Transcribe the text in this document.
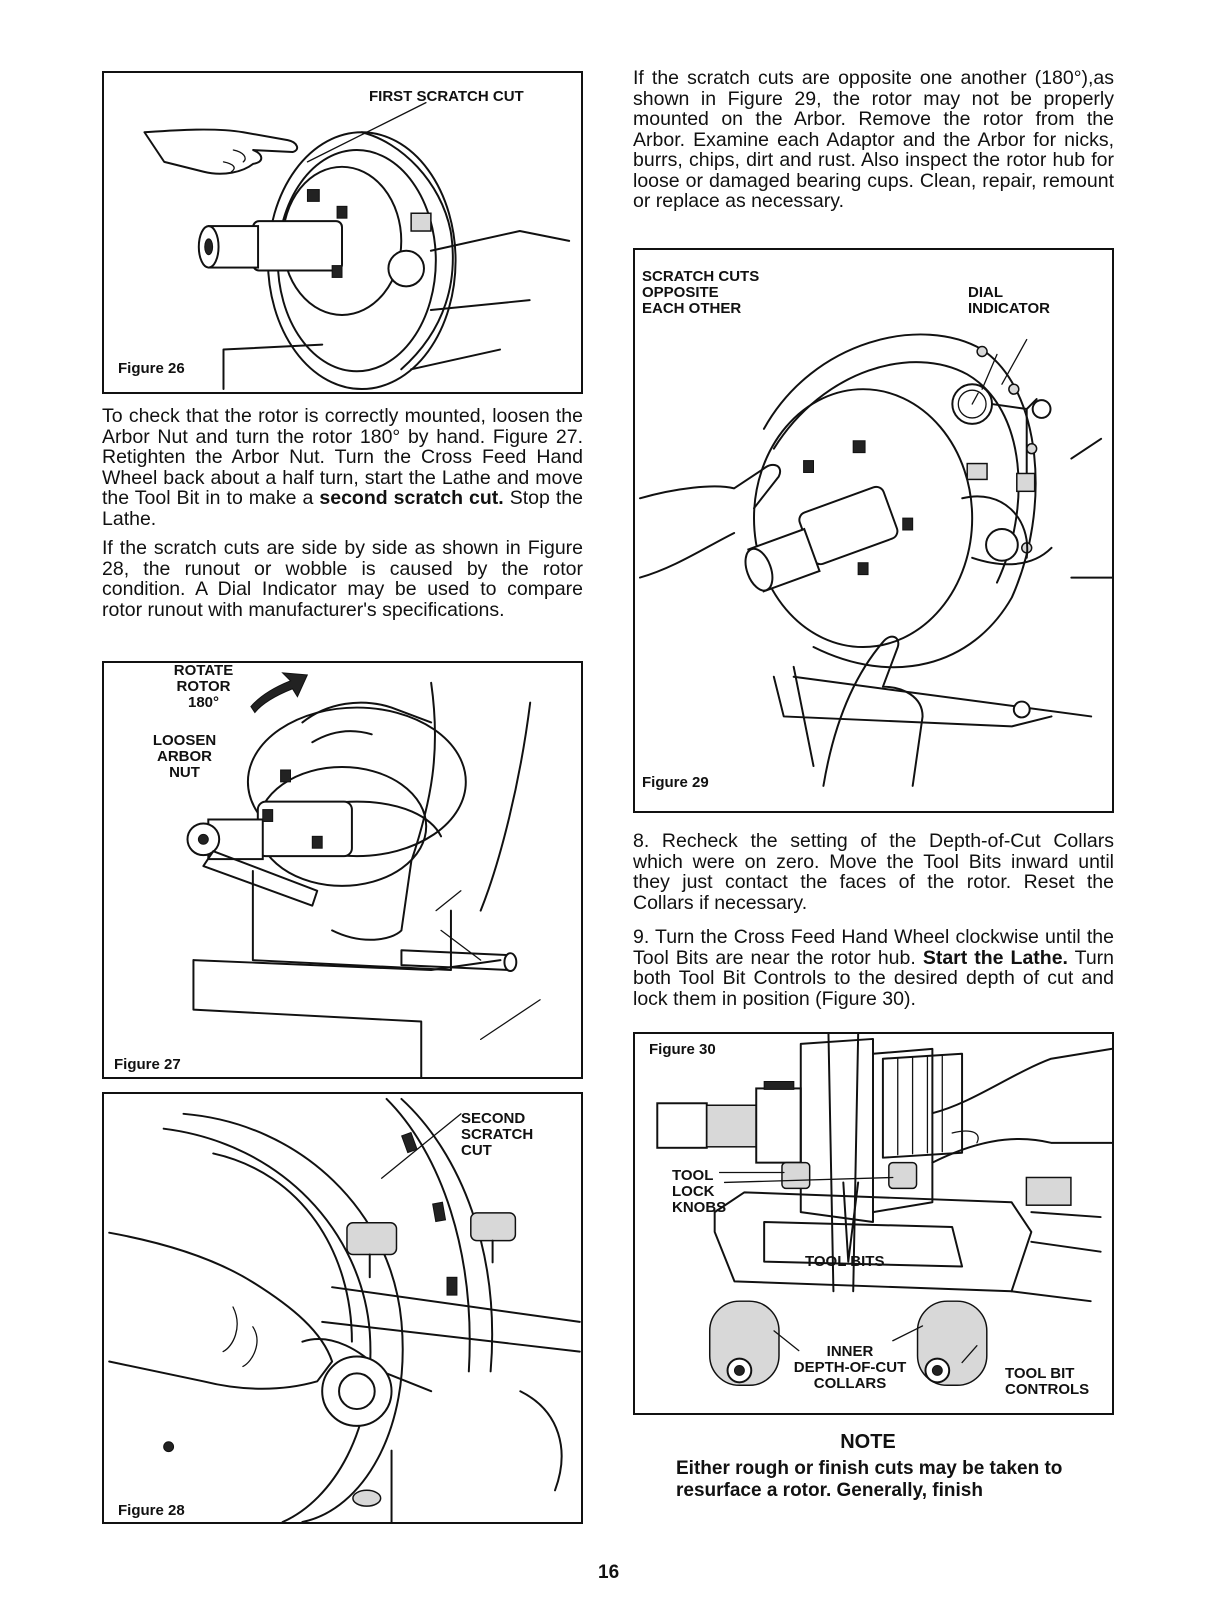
FIRST SCRATCH CUT
Figure 26

To check that the rotor is correctly mounted, loosen the Arbor Nut and turn the rotor 180° by hand. Figure 27. Retighten the Arbor Nut. Turn the Cross Feed Hand Wheel back about a half turn, start the Lathe and move the Tool Bit in to make a second scratch cut. Stop the Lathe.

If the scratch cuts are side by side as shown in Figure 28, the runout or wobble is caused by the rotor condition. A Dial Indicator may be used to compare rotor runout with manufacturer's specifications.

ROTATE
ROTOR
180°
LOOSEN
ARBOR
NUT
Figure 27
SECOND
SCRATCH
CUT
Figure 28

If the scratch cuts are opposite one another (180°),as shown in Figure 29, the rotor may not be properly mounted on the Arbor. Remove the rotor from the Arbor. Examine each Adaptor and the Arbor for nicks, burrs, chips, dirt and rust. Also inspect the rotor hub for loose or damaged bearing cups. Clean, repair, remount or replace as necessary.

SCRATCH CUTS
OPPOSITE
EACH OTHER
DIAL
INDICATOR
Figure 29

8. Recheck the setting of the Depth-of-Cut Collars which were on zero. Move the Tool Bits inward until they just contact the faces of the rotor. Reset the Collars if necessary.

9. Turn the Cross Feed Hand Wheel clockwise until the Tool Bits are near the rotor hub. Start the Lathe. Turn both Tool Bit Controls to the desired depth of cut and lock them in position (Figure 30).

Figure 30
TOOL
LOCK
KNOBS
TOOL BITS
INNER
DEPTH-OF-CUT
COLLARS
TOOL BIT
CONTROLS
NOTE
Either rough or finish cuts may be taken to resurface a rotor. Generally, finish
16
